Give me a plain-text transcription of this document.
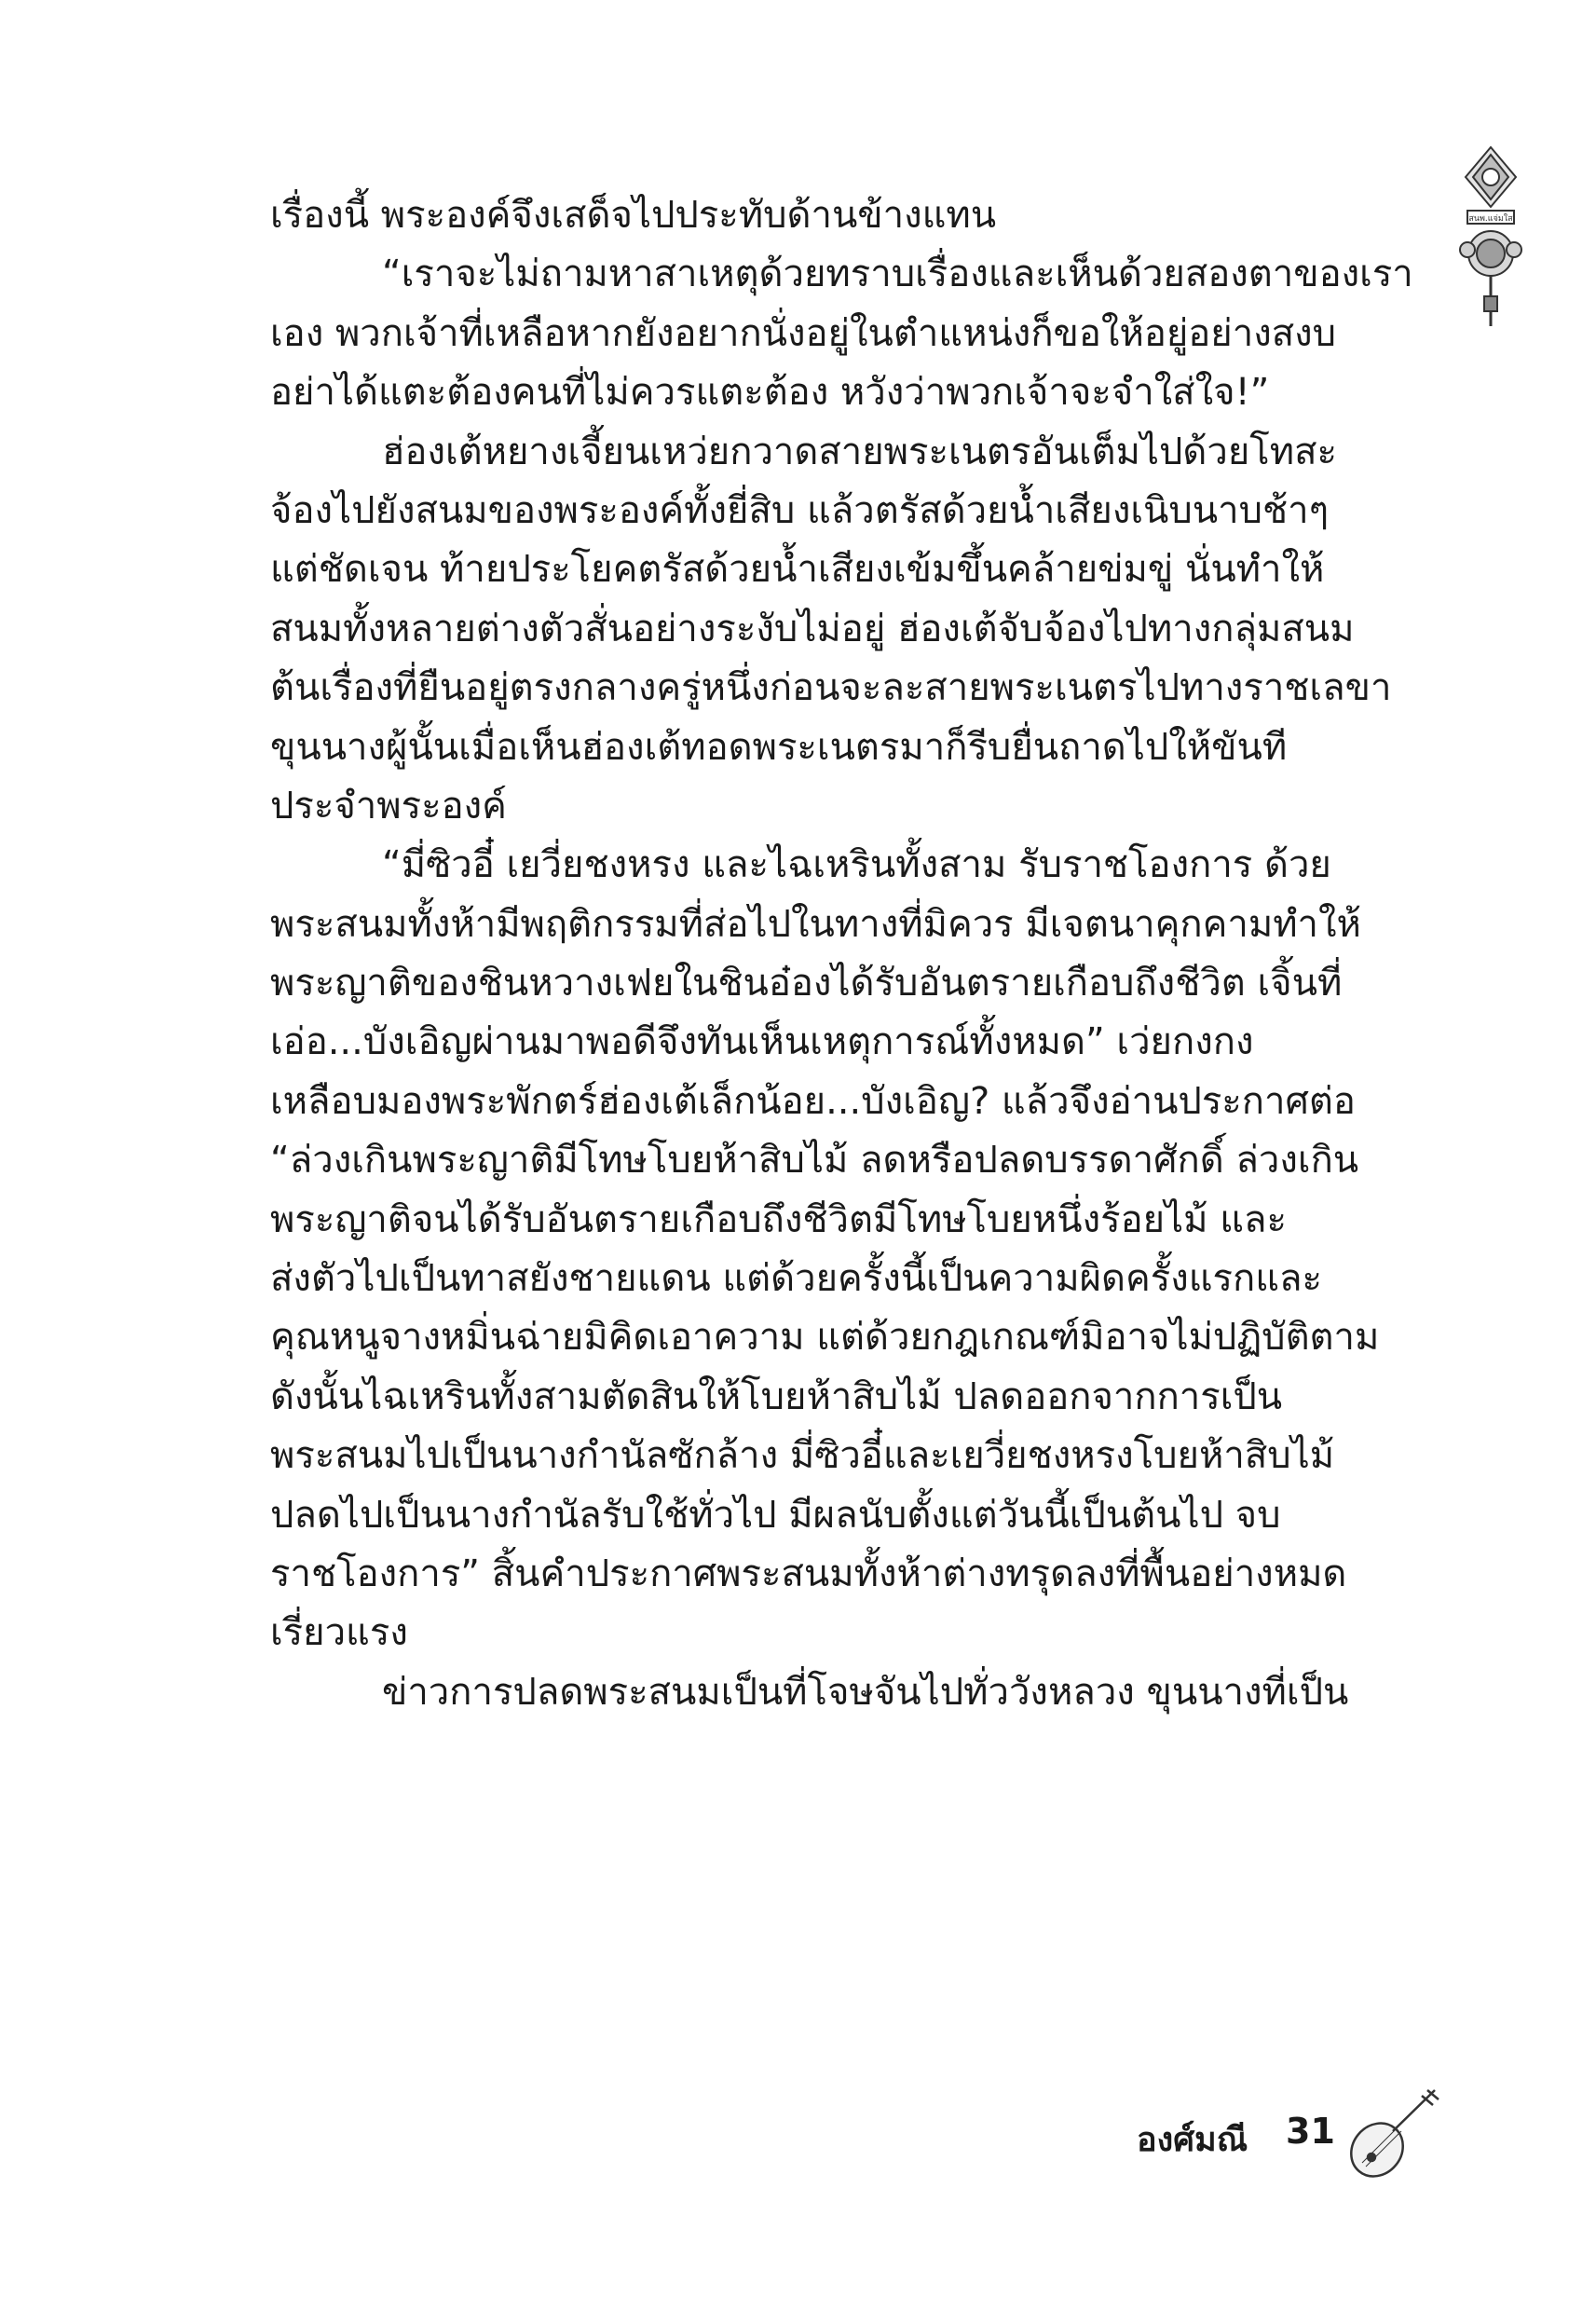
สนพ.แจ่มใส
เรื่องนี้ พระองค์จึงเสด็จไปประทับด้านข้างแทน
“เราจะไม่ถามหาสาเหตุด้วยทราบเรื่องและเห็นด้วยสองตาของเรา
เอง พวกเจ้าที่เหลือหากยังอยากนั่งอยู่ในตำแหน่งก็ขอให้อยู่อย่างสงบ
อย่าได้แตะต้องคนที่ไม่ควรแตะต้อง หวังว่าพวกเจ้าจะจำใส่ใจ!”
ฮ่องเต้หยางเจี้ยนเหว่ยกวาดสายพระเนตรอันเต็มไปด้วยโทสะ
จ้องไปยังสนมของพระองค์ทั้งยี่สิบ แล้วตรัสด้วยน้ำเสียงเนิบนาบช้าๆ
แต่ชัดเจน ท้ายประโยคตรัสด้วยน้ำเสียงเข้มขึ้นคล้ายข่มขู่ นั่นทำให้
สนมทั้งหลายต่างตัวสั่นอย่างระงับไม่อยู่ ฮ่องเต้จับจ้องไปทางกลุ่มสนม
ต้นเรื่องที่ยืนอยู่ตรงกลางครู่หนึ่งก่อนจะละสายพระเนตรไปทางราชเลขา
ขุนนางผู้นั้นเมื่อเห็นฮ่องเต้ทอดพระเนตรมาก็รีบยื่นถาดไปให้ขันที
ประจำพระองค์
“มี่ซิวอี๋ เยวี่ยชงหรง และไฉเหรินทั้งสาม รับราชโองการ ด้วย
พระสนมทั้งห้ามีพฤติกรรมที่ส่อไปในทางที่มิควร มีเจตนาคุกคามทำให้
พระญาติของชินหวางเฟยในชินอ๋องได้รับอันตรายเกือบถึงชีวิต เจิ้นที่
เอ่อ...บังเอิญผ่านมาพอดีจึงทันเห็นเหตุการณ์ทั้งหมด” เว่ยกงกง
เหลือบมองพระพักตร์ฮ่องเต้เล็กน้อย...บังเอิญ? แล้วจึงอ่านประกาศต่อ
“ล่วงเกินพระญาติมีโทษโบยห้าสิบไม้ ลดหรือปลดบรรดาศักดิ์ ล่วงเกิน
พระญาติจนได้รับอันตรายเกือบถึงชีวิตมีโทษโบยหนึ่งร้อยไม้ และ
ส่งตัวไปเป็นทาสยังชายแดน แต่ด้วยครั้งนี้เป็นความผิดครั้งแรกและ
คุณหนูจางหมิ่นฉ่ายมิคิดเอาความ แต่ด้วยกฎเกณฑ์มิอาจไม่ปฏิบัติตาม
ดังนั้นไฉเหรินทั้งสามตัดสินให้โบยห้าสิบไม้ ปลดออกจากการเป็น
พระสนมไปเป็นนางกำนัลซักล้าง มี่ซิวอี๋และเยวี่ยชงหรงโบยห้าสิบไม้
ปลดไปเป็นนางกำนัลรับใช้ทั่วไป มีผลนับตั้งแต่วันนี้เป็นต้นไป จบ
ราชโองการ” สิ้นคำประกาศพระสนมทั้งห้าต่างทรุดลงที่พื้นอย่างหมด
เรี่ยวแรง
ข่าวการปลดพระสนมเป็นที่โจษจันไปทั่ววังหลวง ขุนนางที่เป็น
องศ์มณี 31
